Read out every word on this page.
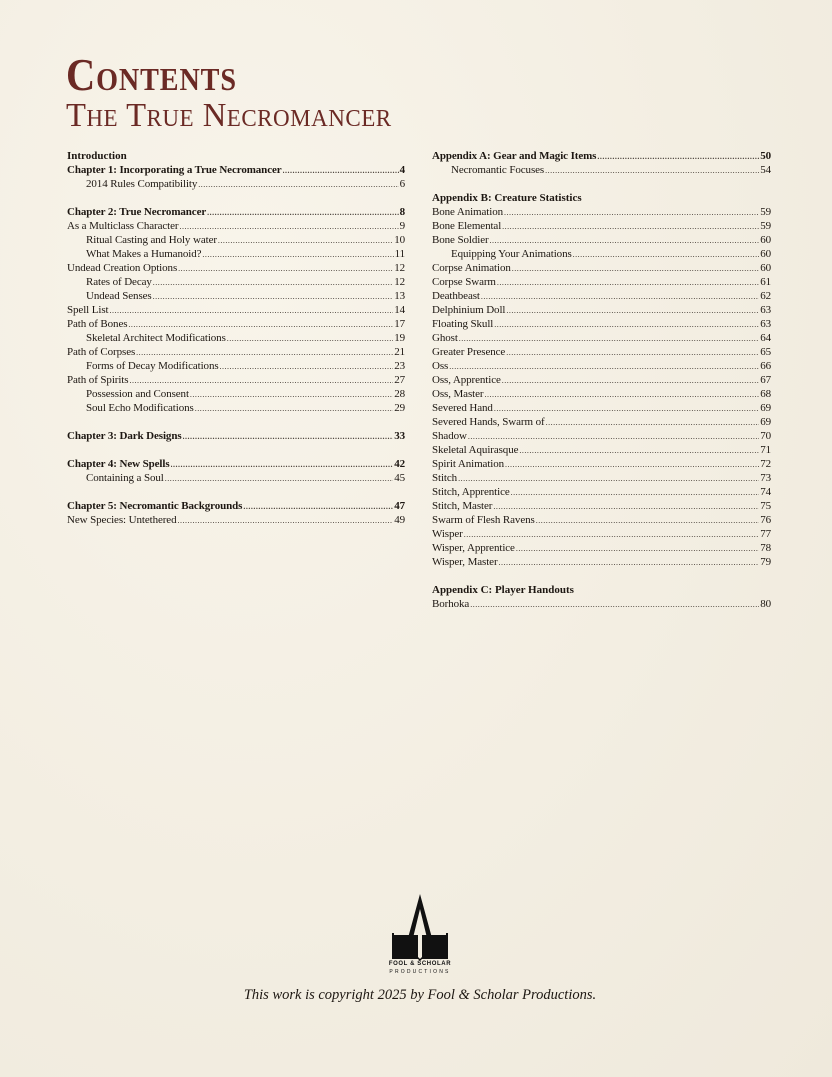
Contents
The True Necromancer
Introduction
Chapter 1: Incorporating a True Necromancer .....	4
2014 Rules Compatibility .....	6
Chapter 2: True Necromancer .....	8
As a Multiclass Character .....	9
Ritual Casting and Holy water .....	10
What Makes a Humanoid? .....	11
Undead Creation Options .....	12
Rates of Decay .....	12
Undead Senses .....	13
Spell List .....	14
Path of Bones .....	17
Skeletal Architect Modifications .....	19
Path of Corpses .....	21
Forms of Decay Modifications .....	23
Path of Spirits .....	27
Possession and Consent .....	28
Soul Echo Modifications .....	29
Chapter 3: Dark Designs .....	33
Chapter 4: New Spells .....	42
Containing a Soul .....	45
Chapter 5: Necromantic Backgrounds .....	47
New Species: Untethered .....	49
Appendix A: Gear and Magic Items .....	50
Necromantic Focuses .....	54
Appendix B: Creature Statistics
Bone Animation .....	59
Bone Elemental .....	59
Bone Soldier .....	60
Equipping Your Animations .....	60
Corpse Animation .....	60
Corpse Swarm .....	61
Deathbeast .....	62
Delphinium Doll .....	63
Floating Skull .....	63
Ghost .....	64
Greater Presence .....	65
Oss .....	66
Oss, Apprentice .....	67
Oss, Master .....	68
Severed Hand .....	69
Severed Hands, Swarm of .....	69
Shadow .....	70
Skeletal Aquirasque .....	71
Spirit Animation .....	72
Stitch .....	73
Stitch, Apprentice .....	74
Stitch, Master .....	75
Swarm of Flesh Ravens .....	76
Wisper .....	77
Wisper, Apprentice .....	78
Wisper, Master .....	79
Appendix C: Player Handouts
Borhoka .....	80
FOOL & SCHOLAR
PRODUCTIONS
This work is copyright 2025 by Fool & Scholar Productions.
